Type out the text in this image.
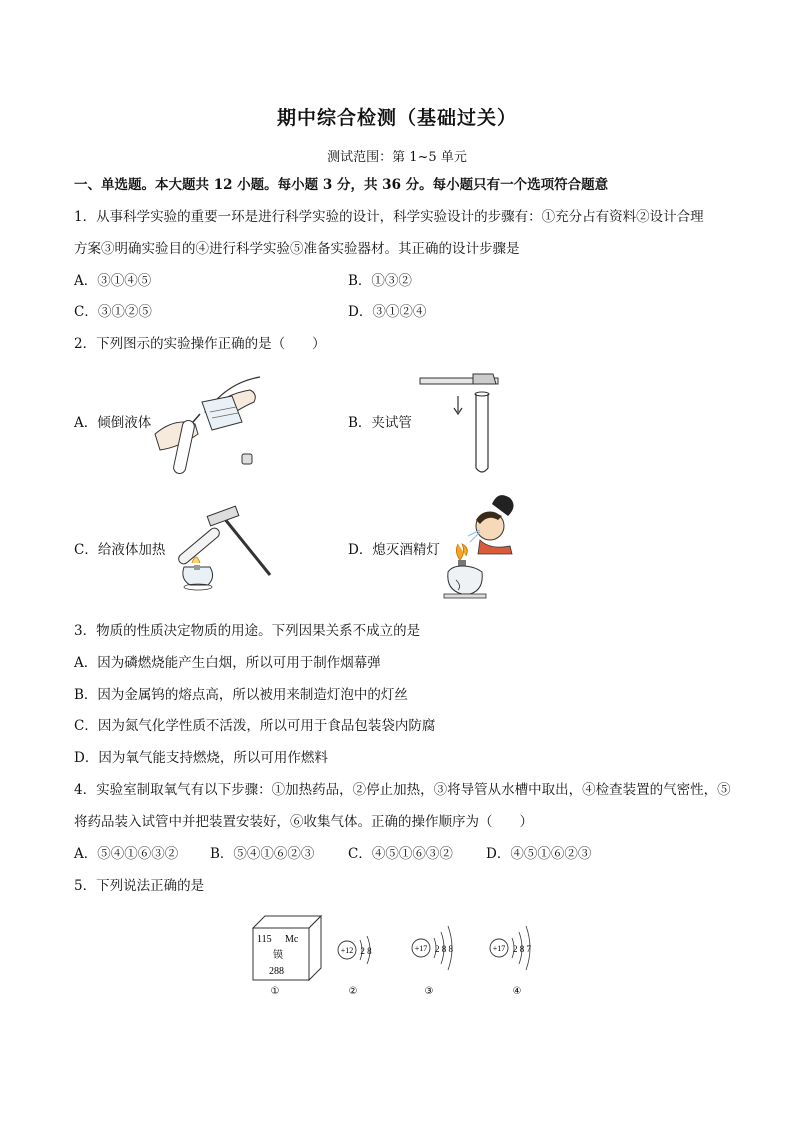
期中综合检测（基础过关）
测试范围：第 1~5 单元
一、单选题。本大题共 12 小题。每小题 3 分，共 36 分。每小题只有一个选项符合题意
1．从事科学实验的重要一环是进行科学实验的设计，科学实验设计的步骤有：①充分占有资料②设计合理
方案③明确实验目的④进行科学实验⑤准备实验器材。其正确的设计步骤是
A．③①④⑤	B．①③②
C．③①②⑤	D．③①②④
2．下列图示的实验操作正确的是（　　）
A．倾倒液体	B．夹试管
C．给液体加热	D．熄灭酒精灯
3．物质的性质决定物质的用途。下列因果关系不成立的是
A．因为磷燃烧能产生白烟，所以可用于制作烟幕弹
B．因为金属钨的熔点高，所以被用来制造灯泡中的灯丝
C．因为氮气化学性质不活泼，所以可用于食品包装袋内防腐
D．因为氧气能支持燃烧，所以可用作燃料
4．实验室制取氧气有以下步骤：①加热药品，②停止加热，③将导管从水槽中取出，④检查装置的气密性，⑤
将药品装入试管中并把装置安装好，⑥收集气体。正确的操作顺序为（　　）
A．⑤④①⑥③② B．⑤④①⑥②③ C．④⑤①⑥③② D．④⑤①⑥②③
5．下列说法正确的是
115 Mc
镆
288
+12 2 8	+17 2 8 8	+17 2 8 7
①	②	③	④
